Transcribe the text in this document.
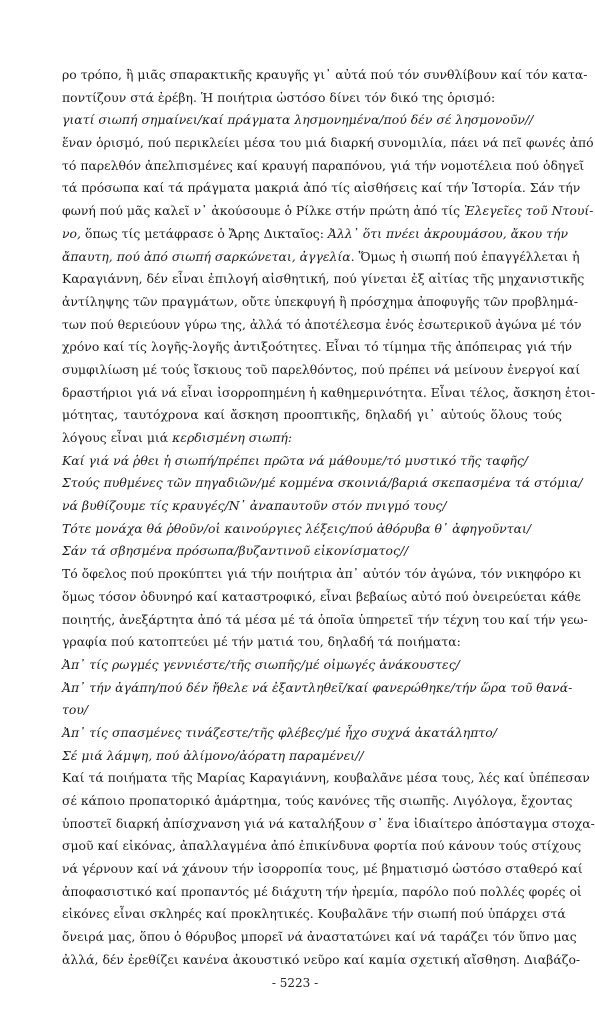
ρο τρόπο, ἢ μιᾶς σπαρακτικῆς κραυγῆς γι᾽ αὐτά πού τόν συνθλίβουν καί τόν κατα-
ποντίζουν στά ἐρέβη. Ἡ ποιήτρια ὡστόσο δίνει τόν δικό της ὁρισμό:
γιατί σιωπή σημαίνει/καί πράγματα λησμονημένα/πού δέν σέ λησμονοῦν//
ἕναν ὁρισμό, πού περικλείει μέσα του μιά διαρκή συνομιλία, πάει νά πεῖ φωνές ἀπό
τό παρελθόν ἀπελπισμένες καί κραυγή παραπόνου, γιά τήν νομοτέλεια πού ὁδηγεῖ
τά πρόσωπα καί τά πράγματα μακριά ἀπό τίς αἰσθήσεις καί τήν Ἱστορία. Σάν τήν
φωνή πού μᾶς καλεῖ ν᾽ ἀκούσουμε ὁ Ρίλκε στήν πρώτη ἀπό τίς Ἐλεγεῖες τοῦ Ντουί-
νο, ὅπως τίς μετάφρασε ὁ Ἄρης Δικταῖος: Ἀλλ᾽ ὅτι πνέει ἀκρουμάσου, ἄκου τήν
ἄπαυτη, πού ἀπό σιωπή σαρκώνεται, ἀγγελία. Ὅμως ἡ σιωπή πού ἐπαγγέλλεται ἡ
Καραγιάννη, δέν εἶναι ἐπιλογή αἰσθητική, πού γίνεται ἐξ αἰτίας τῆς μηχανιστικῆς
ἀντίληψης τῶν πραγμάτων, οὔτε ὑπεκφυγή ἢ πρόσχημα ἀποφυγῆς τῶν προβλημά-
των πού θεριεύουν γύρω της, ἀλλά τό ἀποτέλεσμα ἑνός ἐσωτερικοῦ ἀγώνα μέ τόν
χρόνο καί τίς λογῆς-λογῆς ἀντιξοότητες. Εἶναι τό τίμημα τῆς ἀπόπειρας γιά τήν
συμφιλίωση μέ τούς ἴσκιους τοῦ παρελθόντος, πού πρέπει νά μείνουν ἐνεργοί καί
δραστήριοι γιά νά εἶναι ἰσορροπημένη ἡ καθημερινότητα. Εἶναι τέλος, ἄσκηση ἑτοι-
μότητας, ταυτόχρονα καί ἄσκηση προοπτικῆς, δηλαδή γι᾽ αὐτούς ὅλους τούς
λόγους εἶναι μιά κερδισμένη σιωπή:
Καί γιά νά ῥθει ἡ σιωπή/πρέπει πρῶτα νά μάθουμε/τό μυστικό τῆς ταφῆς/
Στούς πυθμένες τῶν πηγαδιῶν/μέ κομμένα σκοινιά/βαριά σκεπασμένα τά στόμια/
νά βυθίζουμε τίς κραυγές/Ν᾽ ἀναπαυτοῦν στόν πνιγμό τους/
Τότε μονάχα θά ῥθοῦν/οἱ καινούργιες λέξεις/πού ἀθόρυβα θ᾽ ἀφηγοῦνται/
Σάν τά σβησμένα πρόσωπα/βυζαντινοῦ εἰκονίσματος//
Τό ὄφελος πού προκύπτει γιά τήν ποιήτρια ἀπ᾽ αὐτόν τόν ἀγώνα, τόν νικηφόρο κι
ὅμως τόσον ὀδυνηρό καί καταστροφικό, εἶναι βεβαίως αὐτό πού ὀνειρεύεται κάθε
ποιητής, ἀνεξάρτητα ἀπό τά μέσα μέ τά ὁποῖα ὑπηρετεῖ τήν τέχνη του καί τήν γεω-
γραφία πού κατοπτεύει μέ τήν ματιά του, δηλαδή τά ποιήματα:
Ἀπ᾽ τίς ρωγμές γεννιέστε/τῆς σιωπῆς/μέ οἰμωγές ἀνάκουστες/
Ἀπ᾽ τήν ἀγάπη/πού δέν ἤθελε νά ἐξαντληθεῖ/καί φανερώθηκε/τήν ὥρα τοῦ θανά-
του/
Ἀπ᾽ τίς σπασμένες τινάζεστε/τῆς φλέβες/μέ ἦχο συχνά ἀκατάληπτο/
Σέ μιά λάμψη, πού ἀλίμονο/ἀόρατη παραμένει//
Καί τά ποιήματα τῆς Μαρίας Καραγιάννη, κουβαλᾶνε μέσα τους, λές καί ὑπέπεσαν
σέ κάποιο προπατορικό ἁμάρτημα, τούς κανόνες τῆς σιωπῆς. Λιγόλογα, ἔχοντας
ὑποστεῖ διαρκή ἀπίσχνανση γιά νά καταλήξουν σ᾽ ἕνα ἰδιαίτερο ἀπόσταγμα στοχα-
σμοῦ καί εἰκόνας, ἀπαλλαγμένα ἀπό ἐπικίνδυνα φορτία πού κάνουν τούς στίχους
νά γέρνουν καί νά χάνουν τήν ἰσορροπία τους, μέ βηματισμό ὡστόσο σταθερό καί
ἀποφασιστικό καί προπαντός μέ διάχυτη τήν ἠρεμία, παρόλο πού πολλές φορές οἱ
εἰκόνες εἶναι σκληρές καί προκλητικές. Κουβαλᾶνε τήν σιωπή πού ὑπάρχει στά
ὄνειρά μας, ὅπου ὁ θόρυβος μπορεῖ νά ἀναστατώνει καί νά ταράζει τόν ὕπνο μας
ἀλλά, δέν ἐρεθίζει κανένα ἀκουστικό νεῦρο καί καμία σχετική αἴσθηση. Διαβάζο-
- 5223 -
